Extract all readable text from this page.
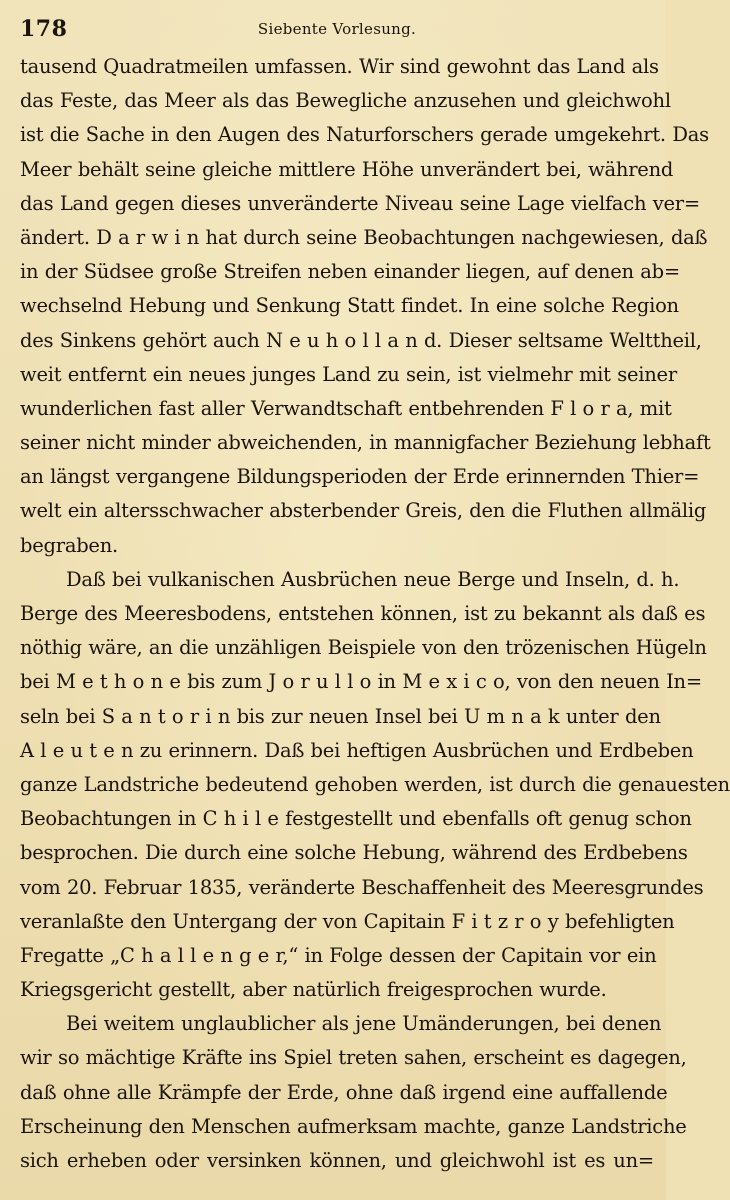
178	Siebente Vorlesung.
tausend Quadratmeilen umfassen. Wir sind gewohnt das Land als
das Feste, das Meer als das Bewegliche anzusehen und gleichwohl
ist die Sache in den Augen des Naturforschers gerade umgekehrt. Das
Meer behält seine gleiche mittlere Höhe unverändert bei, während
das Land gegen dieses unveränderte Niveau seine Lage vielfach ver=
ändert. D a r w i n hat durch seine Beobachtungen nachgewiesen, daß
in der Südsee große Streifen neben einander liegen, auf denen ab=
wechselnd Hebung und Senkung Statt findet. In eine solche Region
des Sinkens gehört auch N e u h o l l a n d. Dieser seltsame Welttheil,
weit entfernt ein neues junges Land zu sein, ist vielmehr mit seiner
wunderlichen fast aller Verwandtschaft entbehrenden F l o r a, mit
seiner nicht minder abweichenden, in mannigfacher Beziehung lebhaft
an längst vergangene Bildungsperioden der Erde erinnernden Thier=
welt ein altersschwacher absterbender Greis, den die Fluthen allmälig
begraben.
Daß bei vulkanischen Ausbrüchen neue Berge und Inseln, d. h.
Berge des Meeresbodens, entstehen können, ist zu bekannt als daß es
nöthig wäre, an die unzähligen Beispiele von den trözenischen Hügeln
bei M e t h o n e bis zum J o r u l l o in M e x i c o, von den neuen In=
seln bei S a n t o r i n bis zur neuen Insel bei U m n a k unter den
A l e u t e n zu erinnern. Daß bei heftigen Ausbrüchen und Erdbeben
ganze Landstriche bedeutend gehoben werden, ist durch die genauesten
Beobachtungen in C h i l e festgestellt und ebenfalls oft genug schon
besprochen. Die durch eine solche Hebung, während des Erdbebens
vom 20. Februar 1835, veränderte Beschaffenheit des Meeresgrundes
veranlaßte den Untergang der von Capitain F i t z r o y befehligten
Fregatte „C h a l l e n g e r,“ in Folge dessen der Capitain vor ein
Kriegsgericht gestellt, aber natürlich freigesprochen wurde.
Bei weitem unglaublicher als jene Umänderungen, bei denen
wir so mächtige Kräfte ins Spiel treten sahen, erscheint es dagegen,
daß ohne alle Krämpfe der Erde, ohne daß irgend eine auffallende
Erscheinung den Menschen aufmerksam machte, ganze Landstriche
sich erheben oder versinken können, und gleichwohl ist es un=
